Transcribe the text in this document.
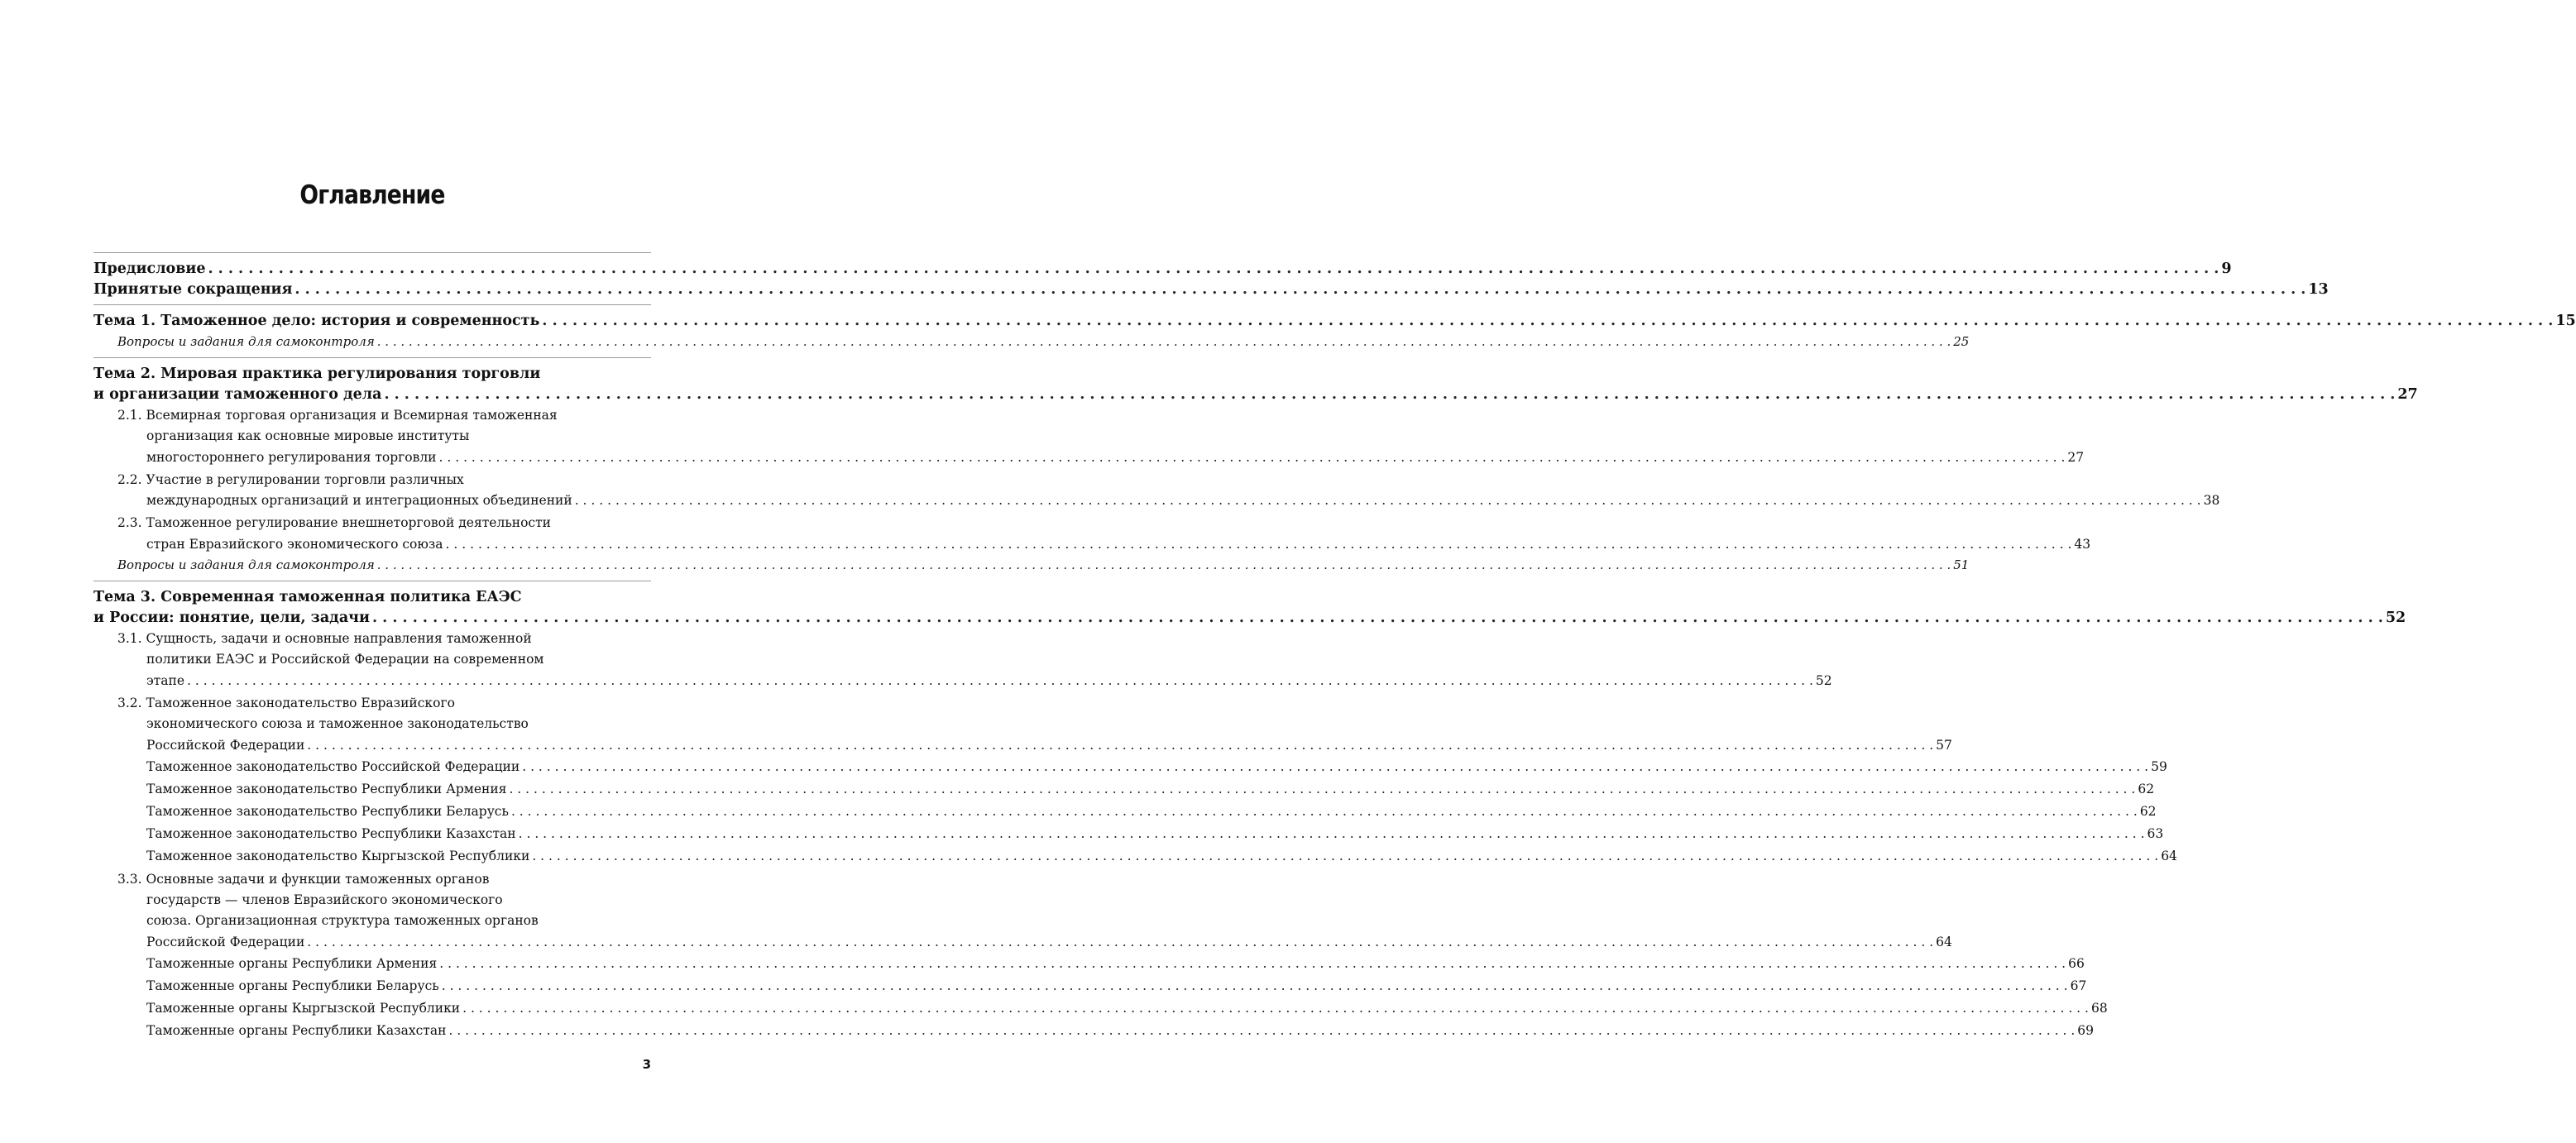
Оглавление
Предисловие . . . . . . . . . . . . . . . . . . . . . . . . . . . . . . . . . . . . . . . . . . . . . . . . . . . . . . . . . . . . . . . . . . . . . . . . . . . . . . . . . . . . . . . . . . . . . . . . . . . . . . . . . . . . . . . . . . . . . . . . . . . . . . . . . . . . . . . . . . . . . . . . . . . . . . . . . . . . . . . . . . . . . . . . . . . . . . . . . . . . . . . . . . . . . . . . . . . . . . . . 9
Принятые сокращения . . . . . . . . . . . . . . . . . . . . . . . . . . . . . . . . . . . . . . . . . . . . . . . . . . . . . . . . . . . . . . . . . . . . . . . . . . . . . . . . . . . . . . . . . . . . . . . . . . . . . . . . . . . . . . . . . . . . . . . . . . . . . . . . . . . . . . . . . . . . . . . . . . . . . . . . . . . . . . . . . . . . . . . . . . . . . . . . . . . . . . . . . . . . . . . . . . . . . . . . 13
Тема 1. Таможенное дело: история и современность . . . . . . . . . . . . . . . . . . . . . . . . . . . . . . . . . . . . . . . . . . . . . . . . . . . . . . . . . . . . . . . . . . . . . . . . . . . . . . . . . . . . . . . . . . . . . . . . . . . . . . . . . . . . . . . . . . . . . . . . . . . . . . . . . . . . . . . . . . . . . . . . . . . . . . . . . . . . . . . . . . . . . . . . . . . . . . . . . . . . . . . . . . . . . . . . . . . . . . . . 15
Вопросы и задания для самоконтроля . . . . . . . . . . . . . . . . . . . . . . . . . . . . . . . . . . . . . . . . . . . . . . . . . . . . . . . . . . . . . . . . . . . . . . . . . . . . . . . . . . . . . . . . . . . . . . . . . . . . . . . . . . . . . . . . . . . . . . . . . . . . . . . . . . . . . . . . . . . . . . . . . . . . . . . . . . . . . . . . . . . . . . . . . . . . . . . . . . . . . . . . . . . . . . . . . . . . . . . . 25
Тема 2. Мировая практика регулирования торговли
и организации таможенного дела . . . . . . . . . . . . . . . . . . . . . . . . . . . . . . . . . . . . . . . . . . . . . . . . . . . . . . . . . . . . . . . . . . . . . . . . . . . . . . . . . . . . . . . . . . . . . . . . . . . . . . . . . . . . . . . . . . . . . . . . . . . . . . . . . . . . . . . . . . . . . . . . . . . . . . . . . . . . . . . . . . . . . . . . . . . . . . . . . . . . . . . . . . . . . . . . . . . . . . . . 27
2.1. Всемирная торговая организация и Всемирная таможенная
организация как основные мировые институты
многостороннего регулирования торговли . . . . . . . . . . . . . . . . . . . . . . . . . . . . . . . . . . . . . . . . . . . . . . . . . . . . . . . . . . . . . . . . . . . . . . . . . . . . . . . . . . . . . . . . . . . . . . . . . . . . . . . . . . . . . . . . . . . . . . . . . . . . . . . . . . . . . . . . . . . . . . . . . . . . . . . . . . . . . . . . . . . . . . . . . . . . . . . . . . . . . . . . . . . . . . . . . . . . . . . . 27
2.2. Участие в регулировании торговли различных
международных организаций и интеграционных объединений . . . . . . . . . . . . . . . . . . . . . . . . . . . . . . . . . . . . . . . . . . . . . . . . . . . . . . . . . . . . . . . . . . . . . . . . . . . . . . . . . . . . . . . . . . . . . . . . . . . . . . . . . . . . . . . . . . . . . . . . . . . . . . . . . . . . . . . . . . . . . . . . . . . . . . . . . . . . . . . . . . . . . . . . . . . . . . . . . . . . . . . . . . . . . . . . . . . . . . . . 38
2.3. Таможенное регулирование внешнеторговой деятельности
стран Евразийского экономического союза . . . . . . . . . . . . . . . . . . . . . . . . . . . . . . . . . . . . . . . . . . . . . . . . . . . . . . . . . . . . . . . . . . . . . . . . . . . . . . . . . . . . . . . . . . . . . . . . . . . . . . . . . . . . . . . . . . . . . . . . . . . . . . . . . . . . . . . . . . . . . . . . . . . . . . . . . . . . . . . . . . . . . . . . . . . . . . . . . . . . . . . . . . . . . . . . . . . . . . . . 43
Вопросы и задания для самоконтроля . . . . . . . . . . . . . . . . . . . . . . . . . . . . . . . . . . . . . . . . . . . . . . . . . . . . . . . . . . . . . . . . . . . . . . . . . . . . . . . . . . . . . . . . . . . . . . . . . . . . . . . . . . . . . . . . . . . . . . . . . . . . . . . . . . . . . . . . . . . . . . . . . . . . . . . . . . . . . . . . . . . . . . . . . . . . . . . . . . . . . . . . . . . . . . . . . . . . . . . . 51
Тема 3. Современная таможенная политика ЕАЭС
и России: понятие, цели, задачи . . . . . . . . . . . . . . . . . . . . . . . . . . . . . . . . . . . . . . . . . . . . . . . . . . . . . . . . . . . . . . . . . . . . . . . . . . . . . . . . . . . . . . . . . . . . . . . . . . . . . . . . . . . . . . . . . . . . . . . . . . . . . . . . . . . . . . . . . . . . . . . . . . . . . . . . . . . . . . . . . . . . . . . . . . . . . . . . . . . . . . . . . . . . . . . . . . . . . . . . 52
3.1. Сущность, задачи и основные направления таможенной
политики ЕАЭС и Российской Федерации на современном
этапе . . . . . . . . . . . . . . . . . . . . . . . . . . . . . . . . . . . . . . . . . . . . . . . . . . . . . . . . . . . . . . . . . . . . . . . . . . . . . . . . . . . . . . . . . . . . . . . . . . . . . . . . . . . . . . . . . . . . . . . . . . . . . . . . . . . . . . . . . . . . . . . . . . . . . . . . . . . . . . . . . . . . . . . . . . . . . . . . . . . . . . . . . . . . . . . . . . . . . . . . 52
3.2. Таможенное законодательство Евразийского
экономического союза и таможенное законодательство
Российской Федерации . . . . . . . . . . . . . . . . . . . . . . . . . . . . . . . . . . . . . . . . . . . . . . . . . . . . . . . . . . . . . . . . . . . . . . . . . . . . . . . . . . . . . . . . . . . . . . . . . . . . . . . . . . . . . . . . . . . . . . . . . . . . . . . . . . . . . . . . . . . . . . . . . . . . . . . . . . . . . . . . . . . . . . . . . . . . . . . . . . . . . . . . . . . . . . . . . . . . . . . . 57
Таможенное законодательство Российской Федерации . . . . . . . . . . . . . . . . . . . . . . . . . . . . . . . . . . . . . . . . . . . . . . . . . . . . . . . . . . . . . . . . . . . . . . . . . . . . . . . . . . . . . . . . . . . . . . . . . . . . . . . . . . . . . . . . . . . . . . . . . . . . . . . . . . . . . . . . . . . . . . . . . . . . . . . . . . . . . . . . . . . . . . . . . . . . . . . . . . . . . . . . . . . . . . . . . . . . . . . . 59
Таможенное законодательство Республики Армения . . . . . . . . . . . . . . . . . . . . . . . . . . . . . . . . . . . . . . . . . . . . . . . . . . . . . . . . . . . . . . . . . . . . . . . . . . . . . . . . . . . . . . . . . . . . . . . . . . . . . . . . . . . . . . . . . . . . . . . . . . . . . . . . . . . . . . . . . . . . . . . . . . . . . . . . . . . . . . . . . . . . . . . . . . . . . . . . . . . . . . . . . . . . . . . . . . . . . . . . 62
Таможенное законодательство Республики Беларусь . . . . . . . . . . . . . . . . . . . . . . . . . . . . . . . . . . . . . . . . . . . . . . . . . . . . . . . . . . . . . . . . . . . . . . . . . . . . . . . . . . . . . . . . . . . . . . . . . . . . . . . . . . . . . . . . . . . . . . . . . . . . . . . . . . . . . . . . . . . . . . . . . . . . . . . . . . . . . . . . . . . . . . . . . . . . . . . . . . . . . . . . . . . . . . . . . . . . . . . . 62
Таможенное законодательство Республики Казахстан . . . . . . . . . . . . . . . . . . . . . . . . . . . . . . . . . . . . . . . . . . . . . . . . . . . . . . . . . . . . . . . . . . . . . . . . . . . . . . . . . . . . . . . . . . . . . . . . . . . . . . . . . . . . . . . . . . . . . . . . . . . . . . . . . . . . . . . . . . . . . . . . . . . . . . . . . . . . . . . . . . . . . . . . . . . . . . . . . . . . . . . . . . . . . . . . . . . . . . . . 63
Таможенное законодательство Кыргызской Республики . . . . . . . . . . . . . . . . . . . . . . . . . . . . . . . . . . . . . . . . . . . . . . . . . . . . . . . . . . . . . . . . . . . . . . . . . . . . . . . . . . . . . . . . . . . . . . . . . . . . . . . . . . . . . . . . . . . . . . . . . . . . . . . . . . . . . . . . . . . . . . . . . . . . . . . . . . . . . . . . . . . . . . . . . . . . . . . . . . . . . . . . . . . . . . . . . . . . . . . . 64
3.3. Основные задачи и функции таможенных органов
государств — членов Евразийского экономического
союза. Организационная структура таможенных органов
Российской Федерации . . . . . . . . . . . . . . . . . . . . . . . . . . . . . . . . . . . . . . . . . . . . . . . . . . . . . . . . . . . . . . . . . . . . . . . . . . . . . . . . . . . . . . . . . . . . . . . . . . . . . . . . . . . . . . . . . . . . . . . . . . . . . . . . . . . . . . . . . . . . . . . . . . . . . . . . . . . . . . . . . . . . . . . . . . . . . . . . . . . . . . . . . . . . . . . . . . . . . . . . 64
Таможенные органы Республики Армения . . . . . . . . . . . . . . . . . . . . . . . . . . . . . . . . . . . . . . . . . . . . . . . . . . . . . . . . . . . . . . . . . . . . . . . . . . . . . . . . . . . . . . . . . . . . . . . . . . . . . . . . . . . . . . . . . . . . . . . . . . . . . . . . . . . . . . . . . . . . . . . . . . . . . . . . . . . . . . . . . . . . . . . . . . . . . . . . . . . . . . . . . . . . . . . . . . . . . . . . 66
Таможенные органы Республики Беларусь . . . . . . . . . . . . . . . . . . . . . . . . . . . . . . . . . . . . . . . . . . . . . . . . . . . . . . . . . . . . . . . . . . . . . . . . . . . . . . . . . . . . . . . . . . . . . . . . . . . . . . . . . . . . . . . . . . . . . . . . . . . . . . . . . . . . . . . . . . . . . . . . . . . . . . . . . . . . . . . . . . . . . . . . . . . . . . . . . . . . . . . . . . . . . . . . . . . . . . . . 67
Таможенные органы Кыргызской Республики . . . . . . . . . . . . . . . . . . . . . . . . . . . . . . . . . . . . . . . . . . . . . . . . . . . . . . . . . . . . . . . . . . . . . . . . . . . . . . . . . . . . . . . . . . . . . . . . . . . . . . . . . . . . . . . . . . . . . . . . . . . . . . . . . . . . . . . . . . . . . . . . . . . . . . . . . . . . . . . . . . . . . . . . . . . . . . . . . . . . . . . . . . . . . . . . . . . . . . . . 68
Таможенные органы Республики Казахстан . . . . . . . . . . . . . . . . . . . . . . . . . . . . . . . . . . . . . . . . . . . . . . . . . . . . . . . . . . . . . . . . . . . . . . . . . . . . . . . . . . . . . . . . . . . . . . . . . . . . . . . . . . . . . . . . . . . . . . . . . . . . . . . . . . . . . . . . . . . . . . . . . . . . . . . . . . . . . . . . . . . . . . . . . . . . . . . . . . . . . . . . . . . . . . . . . . . . . . . . 69
3
